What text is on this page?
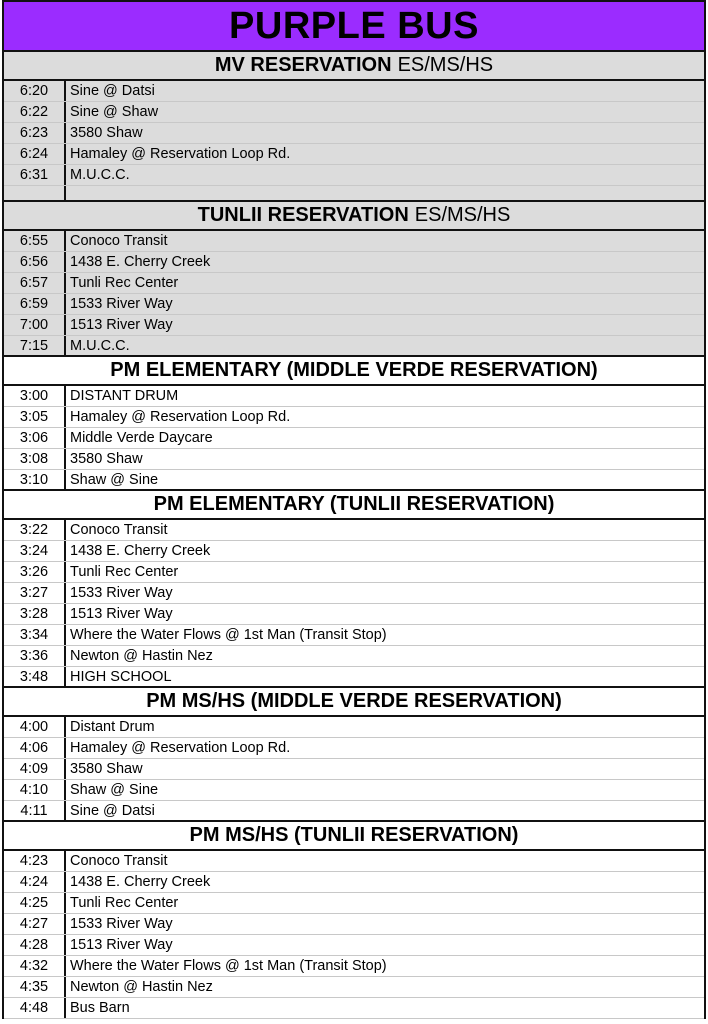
PURPLE BUS
MV RESERVATION ES/MS/HS
6:20	Sine @ Datsi
6:22	Sine @ Shaw
6:23	3580 Shaw
6:24	Hamaley @ Reservation Loop Rd.
6:31	M.U.C.C.
TUNLII RESERVATION ES/MS/HS
6:55	Conoco Transit
6:56	1438 E. Cherry Creek
6:57	Tunli Rec Center
6:59	1533 River Way
7:00	1513 River Way
7:15	M.U.C.C.
PM ELEMENTARY (MIDDLE VERDE RESERVATION)
3:00	DISTANT DRUM
3:05	Hamaley @ Reservation Loop Rd.
3:06	Middle Verde Daycare
3:08	3580 Shaw
3:10	Shaw @ Sine
PM ELEMENTARY (TUNLII RESERVATION)
3:22	Conoco Transit
3:24	1438 E. Cherry Creek
3:26	Tunli Rec Center
3:27	1533 River Way
3:28	1513 River Way
3:34	Where the Water Flows @ 1st Man (Transit Stop)
3:36	Newton @ Hastin Nez
3:48	HIGH SCHOOL
PM MS/HS (MIDDLE VERDE RESERVATION)
4:00	Distant Drum
4:06	Hamaley @ Reservation Loop Rd.
4:09	3580 Shaw
4:10	Shaw @ Sine
4:11	Sine @ Datsi
PM MS/HS (TUNLII RESERVATION)
4:23	Conoco Transit
4:24	1438 E. Cherry Creek
4:25	Tunli Rec Center
4:27	1533 River Way
4:28	1513 River Way
4:32	Where the Water Flows @ 1st Man (Transit Stop)
4:35	Newton @ Hastin Nez
4:48	Bus Barn
